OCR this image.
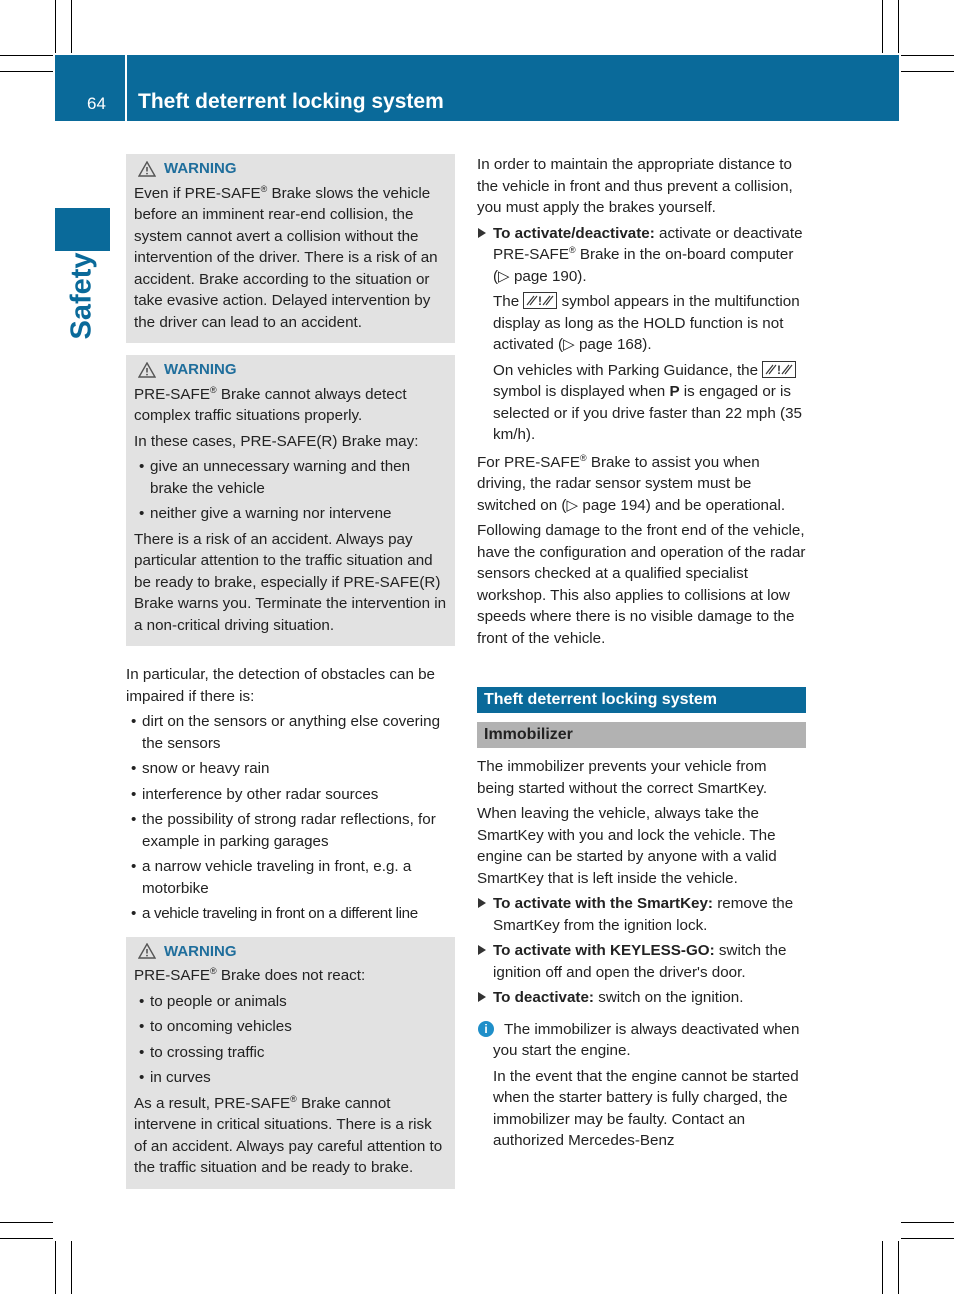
64 Theft deterrent locking system
Safety
WARNING

Even if PRE-SAFE® Brake slows the vehicle before an imminent rear-end collision, the system cannot avert a collision without the intervention of the driver. There is a risk of an accident. Brake according to the situation or take evasive action. Delayed intervention by the driver can lead to an accident.

WARNING

PRE-SAFE® Brake cannot always detect complex traffic situations properly.

In these cases, PRE-SAFE(R) Brake may:

• give an unnecessary warning and then brake the vehicle
• neither give a warning nor intervene

There is a risk of an accident. Always pay particular attention to the traffic situation and be ready to brake, especially if PRE-SAFE(R) Brake warns you. Terminate the intervention in a non-critical driving situation.

In particular, the detection of obstacles can be impaired if there is:

• dirt on the sensors or anything else covering the sensors
• snow or heavy rain
• interference by other radar sources
• the possibility of strong radar reflections, for example in parking garages
• a narrow vehicle traveling in front, e.g. a motorbike
• a vehicle traveling in front on a different line
WARNING

PRE-SAFE® Brake does not react:

• to people or animals
• to oncoming vehicles
• to crossing traffic
• in curves

As a result, PRE-SAFE® Brake cannot intervene in critical situations. There is a risk of an accident. Always pay careful attention to the traffic situation and be ready to brake.

In order to maintain the appropriate distance to the vehicle in front and thus prevent a collision, you must apply the brakes yourself.

To activate/deactivate: activate or deactivate PRE-SAFE® Brake in the on-board computer (▷ page 190).

The ! symbol appears in the multifunction display as long as the HOLD function is not activated (▷ page 168).

On vehicles with Parking Guidance, the !
symbol is displayed when P is engaged or is selected or if you drive faster than 22 mph (35 km/h).

For PRE-SAFE® Brake to assist you when driving, the radar sensor system must be switched on (▷ page 194) and be operational.

Following damage to the front end of the vehicle, have the configuration and operation of the radar sensors checked at a qualified specialist workshop. This also applies to collisions at low speeds where there is no visible damage to the front of the vehicle.

Theft deterrent locking system
Immobilizer

The immobilizer prevents your vehicle from being started without the correct SmartKey.

When leaving the vehicle, always take the SmartKey with you and lock the vehicle. The engine can be started by anyone with a valid SmartKey that is left inside the vehicle.

To activate with the SmartKey: remove the SmartKey from the ignition lock.

To activate with KEYLESS-GO: switch the ignition off and open the driver's door.

To deactivate: switch on the ignition.

i	The immobilizer is always deactivated when you start the engine.

In the event that the engine cannot be started when the starter battery is fully charged, the immobilizer may be faulty. Contact an authorized Mercedes-Benz
